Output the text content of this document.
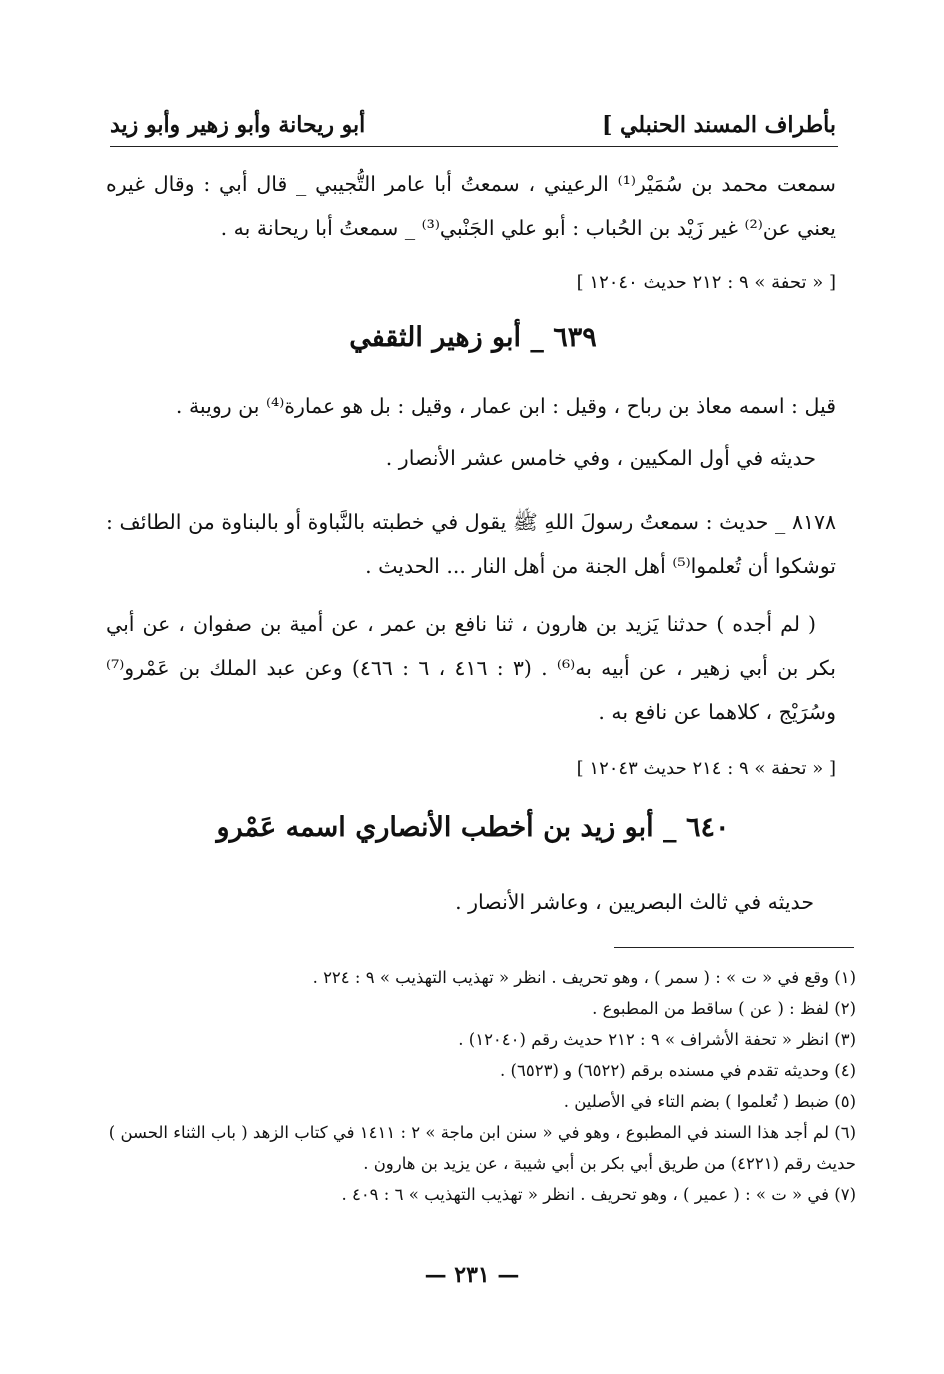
بأطراف المسند الحنبلي ]
أبو ريحانة وأبو زهير وأبو زيد

سمعت محمد بن سُمَيْر⁽¹⁾ الرعيني ، سمعتُ أبا عامر التُّجيبي _ قال أبي : وقال غيره يعني عن⁽²⁾ غير زَيْد بن الحُباب : أبو علي الجَنْبي⁽³⁾ _ سمعتُ أبا ريحانة به .

[ « تحفة » ٩ : ٢١٢ حديث ١٢٠٤٠ ]
٦٣٩ _ أبو زهير الثقفي
قيل : اسمه معاذ بن رباح ، وقيل : ابن عمار ، وقيل : بل هو عمارة⁽⁴⁾ بن رويبة .
حديثه في أول المكيين ، وفي خامس عشر الأنصار .

٨١٧٨ _ حديث : سمعتُ رسولَ اللهِ ﷺ يقول في خطبته بالنَّباوة أو بالبناوة من الطائف : توشكوا أن تُعلموا⁽⁵⁾ أهل الجنة من أهل النار ... الحديث .

( لم أجده ) حدثنا يَزيد بن هارون ، ثنا نافع بن عمر ، عن أمية بن صفوان ، عن أبي بكر بن أبي زهير ، عن أبيه به⁽⁶⁾ . (٣ : ٤١٦ ، ٦ : ٤٦٦) وعن عبد الملك بن عَمْرو⁽⁷⁾ وسُرَيْج ، كلاهما عن نافع به .

[ « تحفة » ٩ : ٢١٤ حديث ١٢٠٤٣ ]
٦٤٠ _ أبو زيد بن أخطب الأنصاري اسمه عَمْرو
حديثه في ثالث البصريين ، وعاشر الأنصار .

(١) وقع في « ت » : ( سمر ) ، وهو تحريف . انظر « تهذيب التهذيب » ٩ : ٢٢٤ .

(٢) لفظ : ( عن ) ساقط من المطبوع .

(٣) انظر « تحفة الأشراف » ٩ : ٢١٢ حديث رقم (١٢٠٤٠) .

(٤) وحديثه تقدم في مسنده برقم (٦٥٢٢) و (٦٥٢٣) .

(٥) ضبط ( تُعلموا ) بضم التاء في الأصلين .

(٦) لم أجد هذا السند في المطبوع ، وهو في « سنن ابن ماجة » ٢ : ١٤١١ في كتاب الزهد ( باب الثناء الحسن ) حديث رقم (٤٢٢١) من طريق أبي بكر بن أبي شيبة ، عن يزيد بن هارون .

(٧) في « ت » : ( عمير ) ، وهو تحريف . انظر « تهذيب التهذيب » ٦ : ٤٠٩ .

— ٢٣١ —
